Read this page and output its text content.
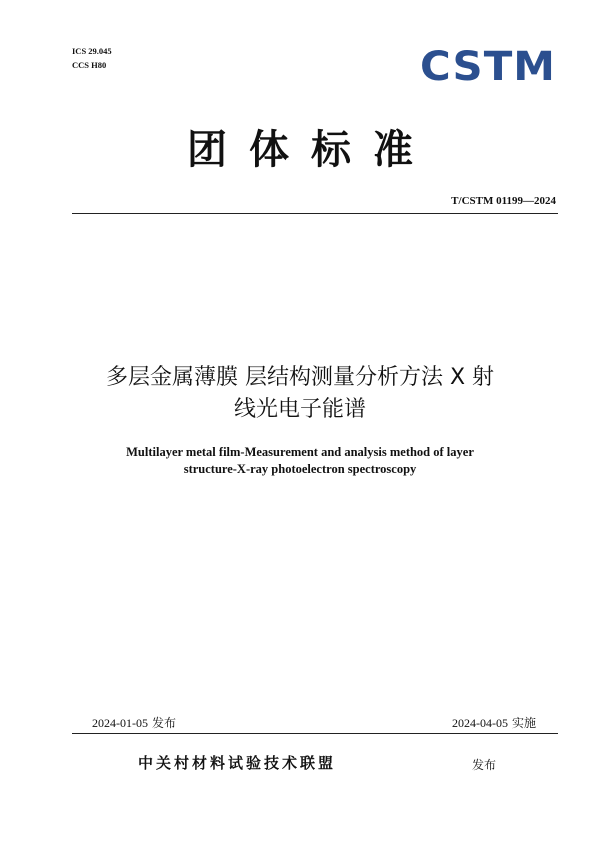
ICS 29.045
CCS H80	CSTM
团体标准
T/CSTM 01199—2024
多层金属薄膜 层结构测量分析方法 X 射
线光电子能谱
Multilayer metal film-Measurement and analysis method of layer
structure-X-ray photoelectron spectroscopy
2024-01-05 发布	2024-04-05 实施
中关村材料试验技术联盟	发布
